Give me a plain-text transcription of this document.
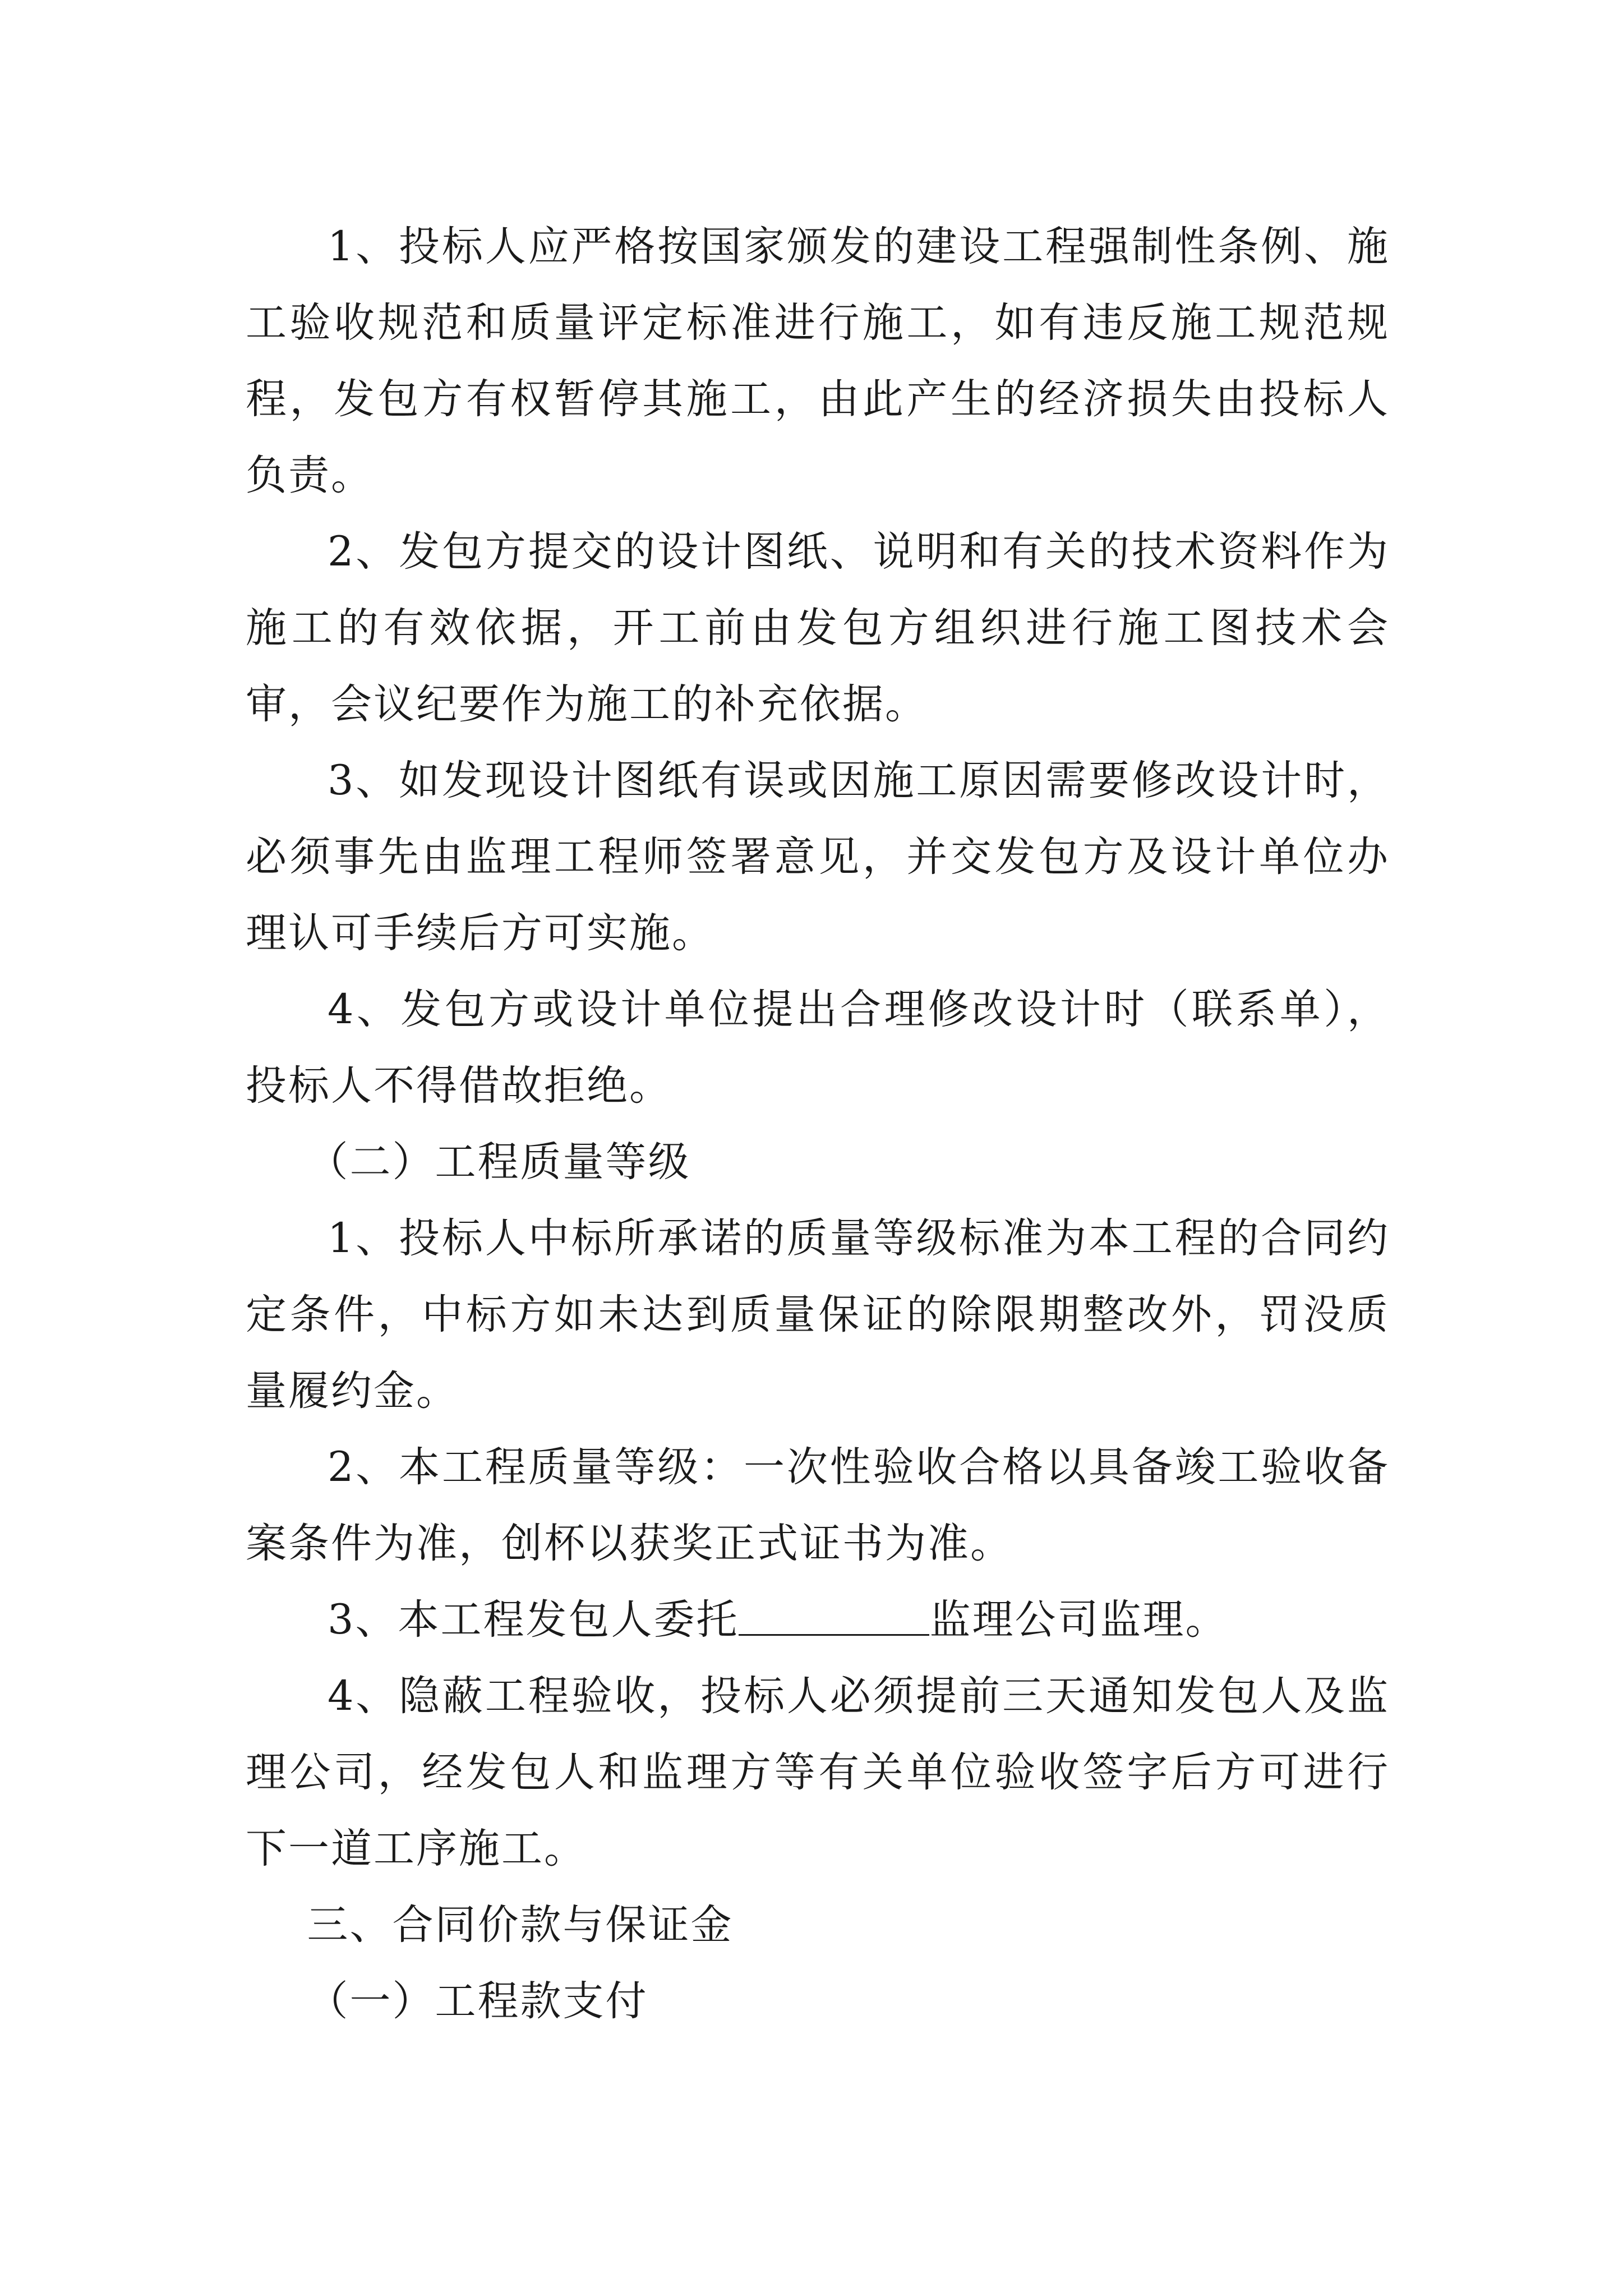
1、投标人应严格按国家颁发的建设工程强制性条例、施工验收规范和质量评定标准进行施工，如有违反施工规范规程，发包方有权暂停其施工，由此产生的经济损失由投标人负责。

2、发包方提交的设计图纸、说明和有关的技术资料作为施工的有效依据，开工前由发包方组织进行施工图技术会审，会议纪要作为施工的补充依据。

3、如发现设计图纸有误或因施工原因需要修改设计时，必须事先由监理工程师签署意见，并交发包方及设计单位办理认可手续后方可实施。

4、发包方或设计单位提出合理修改设计时（联系单），投标人不得借故拒绝。

（二）工程质量等级

1、投标人中标所承诺的质量等级标准为本工程的合同约定条件，中标方如未达到质量保证的除限期整改外，罚没质量履约金。

2、本工程质量等级：一次性验收合格以具备竣工验收备案条件为准，创杯以获奖正式证书为准。

3、本工程发包人委托	监理公司监理。

4、隐蔽工程验收，投标人必须提前三天通知发包人及监理公司，经发包人和监理方等有关单位验收签字后方可进行下一道工序施工。

三、合同价款与保证金

（一）工程款支付
